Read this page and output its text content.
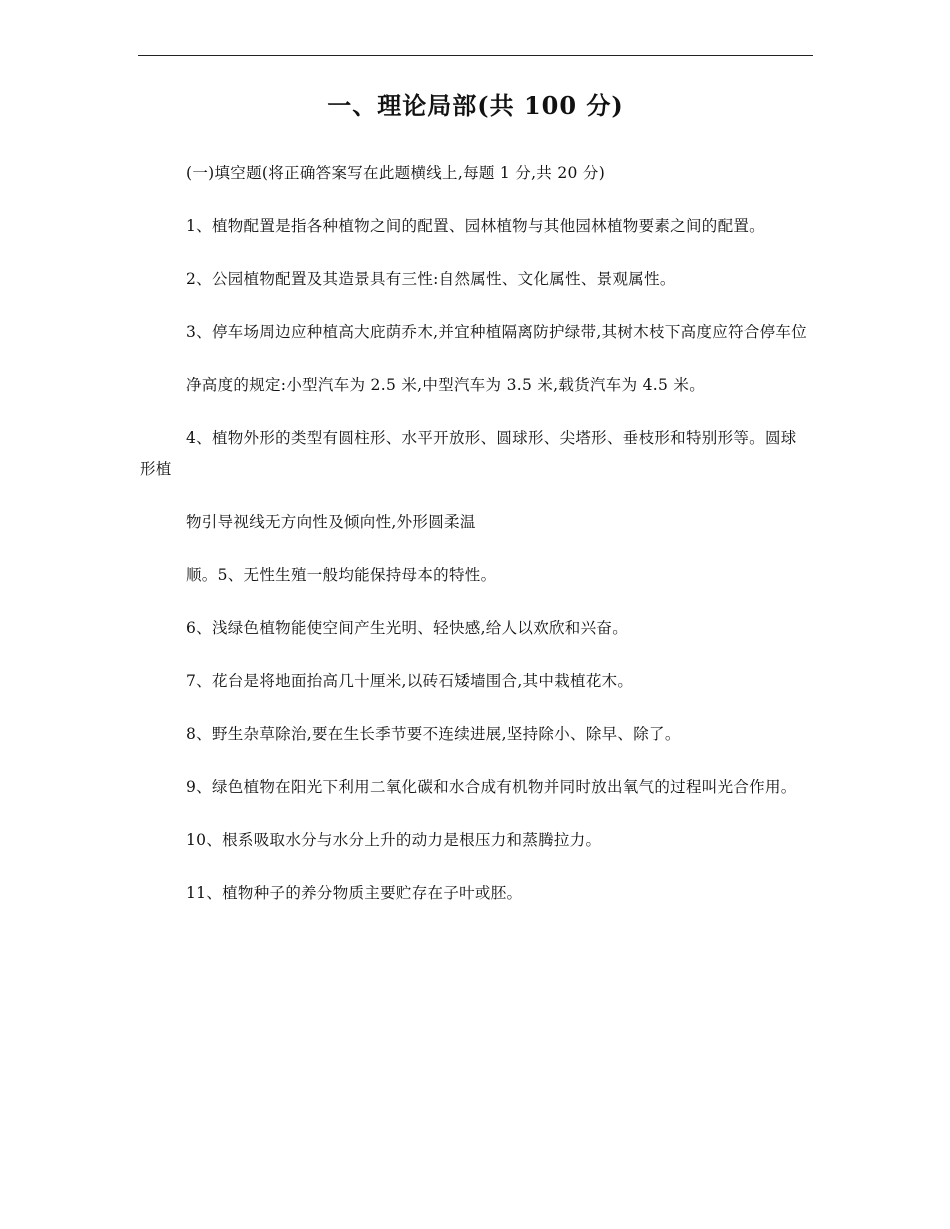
一、理论局部(共 100 分)

(一)填空题(将正确答案写在此题横线上,每题 1 分,共 20 分)

1、植物配置是指各种植物之间的配置、园林植物与其他园林植物要素之间的配置。

2、公园植物配置及其造景具有三性:自然属性、文化属性、景观属性。

3、停车场周边应种植高大庇荫乔木,并宜种植隔离防护绿带,其树木枝下高度应符合停车位

净高度的规定:小型汽车为 2.5 米,中型汽车为 3.5 米,载货汽车为 4.5 米。

4、植物外形的类型有圆柱形、水平开放形、圆球形、尖塔形、垂枝形和特别形等。圆球形植

物引导视线无方向性及倾向性,外形圆柔温

顺。5、无性生殖一般均能保持母本的特性。

6、浅绿色植物能使空间产生光明、轻快感,给人以欢欣和兴奋。

7、花台是将地面抬高几十厘米,以砖石矮墙围合,其中栽植花木。

8、野生杂草除治,要在生长季节要不连续进展,坚持除小、除早、除了。

9、绿色植物在阳光下利用二氧化碳和水合成有机物并同时放出氧气的过程叫光合作用。

10、根系吸取水分与水分上升的动力是根压力和蒸腾拉力。

11、植物种子的养分物质主要贮存在子叶或胚。
